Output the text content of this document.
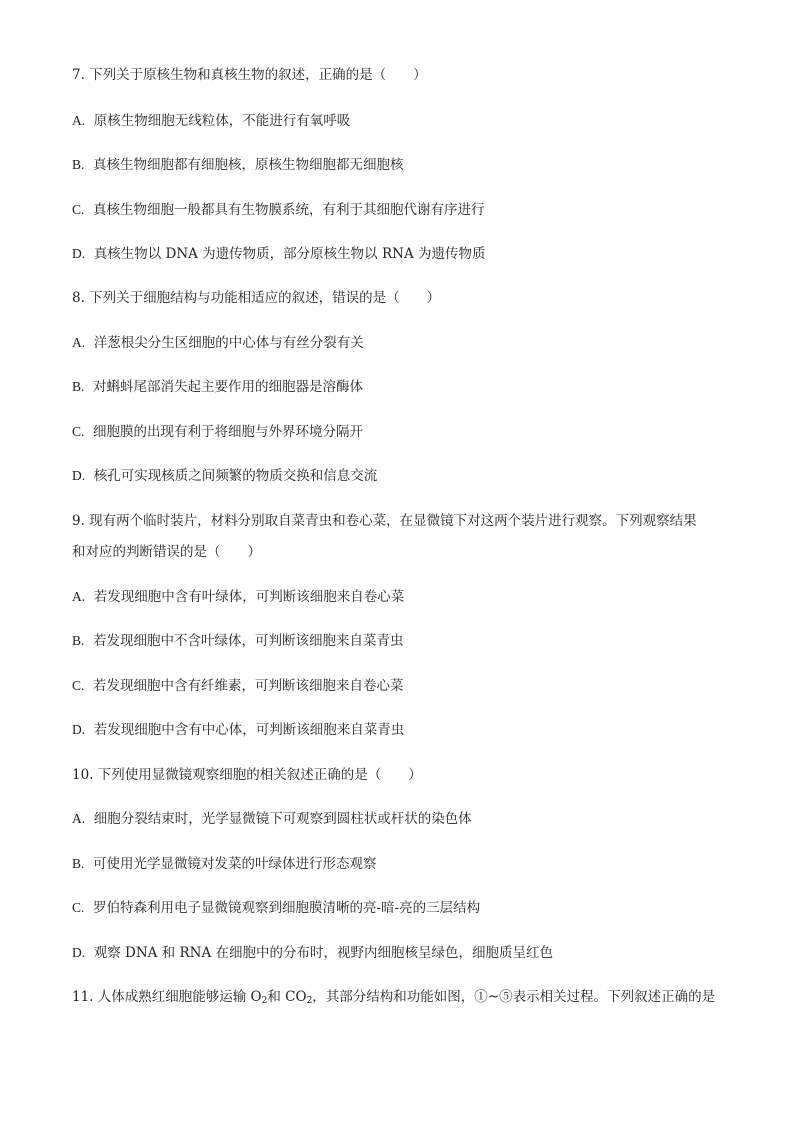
7. 下列关于原核生物和真核生物的叙述，正确的是（　　）
A. 原核生物细胞无线粒体，不能进行有氧呼吸
B. 真核生物细胞都有细胞核，原核生物细胞都无细胞核
C. 真核生物细胞一般都具有生物膜系统，有利于其细胞代谢有序进行
D. 真核生物以 DNA 为遗传物质，部分原核生物以 RNA 为遗传物质
8. 下列关于细胞结构与功能相适应的叙述，错误的是（　　）
A. 洋葱根尖分生区细胞的中心体与有丝分裂有关
B. 对蝌蚪尾部消失起主要作用的细胞器是溶酶体
C. 细胞膜的出现有利于将细胞与外界环境分隔开
D. 核孔可实现核质之间频繁的物质交换和信息交流
9. 现有两个临时装片，材料分别取自菜青虫和卷心菜，在显微镜下对这两个装片进行观察。下列观察结果
和对应的判断错误的是（　　）
A. 若发现细胞中含有叶绿体，可判断该细胞来自卷心菜
B. 若发现细胞中不含叶绿体，可判断该细胞来自菜青虫
C. 若发现细胞中含有纤维素，可判断该细胞来自卷心菜
D. 若发现细胞中含有中心体，可判断该细胞来自菜青虫
10. 下列使用显微镜观察细胞的相关叙述正确的是（　　）
A. 细胞分裂结束时，光学显微镜下可观察到圆柱状或杆状的染色体
B. 可使用光学显微镜对发菜的叶绿体进行形态观察
C. 罗伯特森利用电子显微镜观察到细胞膜清晰的亮-暗-亮的三层结构
D. 观察 DNA 和 RNA 在细胞中的分布时，视野内细胞核呈绿色，细胞质呈红色
11. 人体成熟红细胞能够运输 $O_2$和 $CO_2$，其部分结构和功能如图，①~⑤表示相关过程。下列叙述正确的是
